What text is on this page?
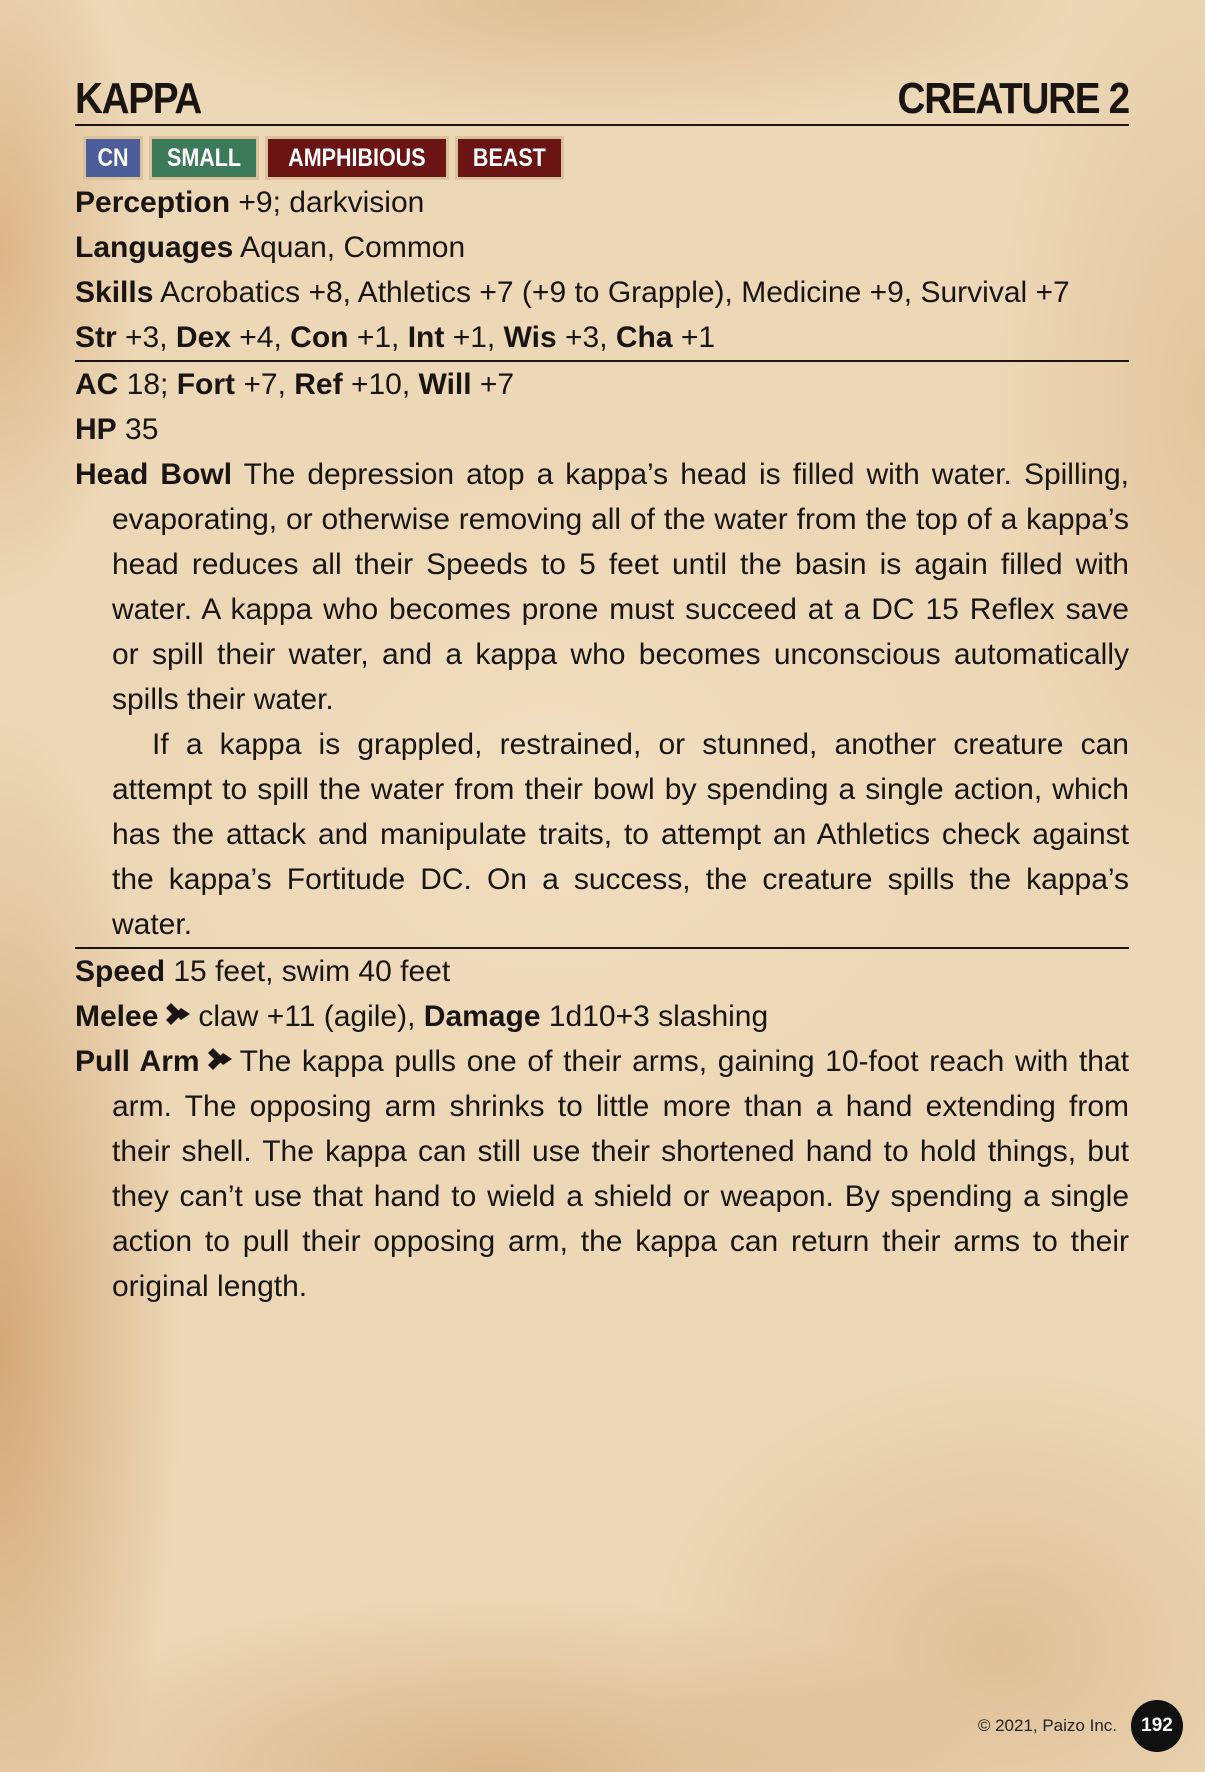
KAPPA	CREATURE 2
CN SMALL AMPHIBIOUS BEAST

Perception +9; darkvision

Languages Aquan, Common

Skills Acrobatics +8, Athletics +7 (+9 to Grapple), Medicine +9, Survival +7

Str +3, Dex +4, Con +1, Int +1, Wis +3, Cha +1

AC 18; Fort +7, Ref +10, Will +7

HP 35

Head Bowl The depression atop a kappa’s head is filled with water. Spilling, evaporating, or otherwise removing all of the water from the top of a kappa’s head reduces all their Speeds to 5 feet until the basin is again filled with water. A kappa who becomes prone must succeed at a DC 15 Reflex save or spill their water, and a kappa who becomes unconscious automatically spills their water.

If a kappa is grappled, restrained, or stunned, another creature can attempt to spill the water from their bowl by spending a single action, which has the attack and manipulate traits, to attempt an Athletics check against the kappa’s Fortitude DC. On a success, the creature spills the kappa’s water.

Speed 15 feet, swim 40 feet

Melee claw +11 (agile), Damage 1d10+3 slashing

Pull Arm The kappa pulls one of their arms, gaining 10-foot reach with that arm. The opposing arm shrinks to little more than a hand extending from their shell. The kappa can still use their shortened hand to hold things, but they can’t use that hand to wield a shield or weapon. By spending a single action to pull their opposing arm, the kappa can return their arms to their original length.

© 2021, Paizo Inc.	192
